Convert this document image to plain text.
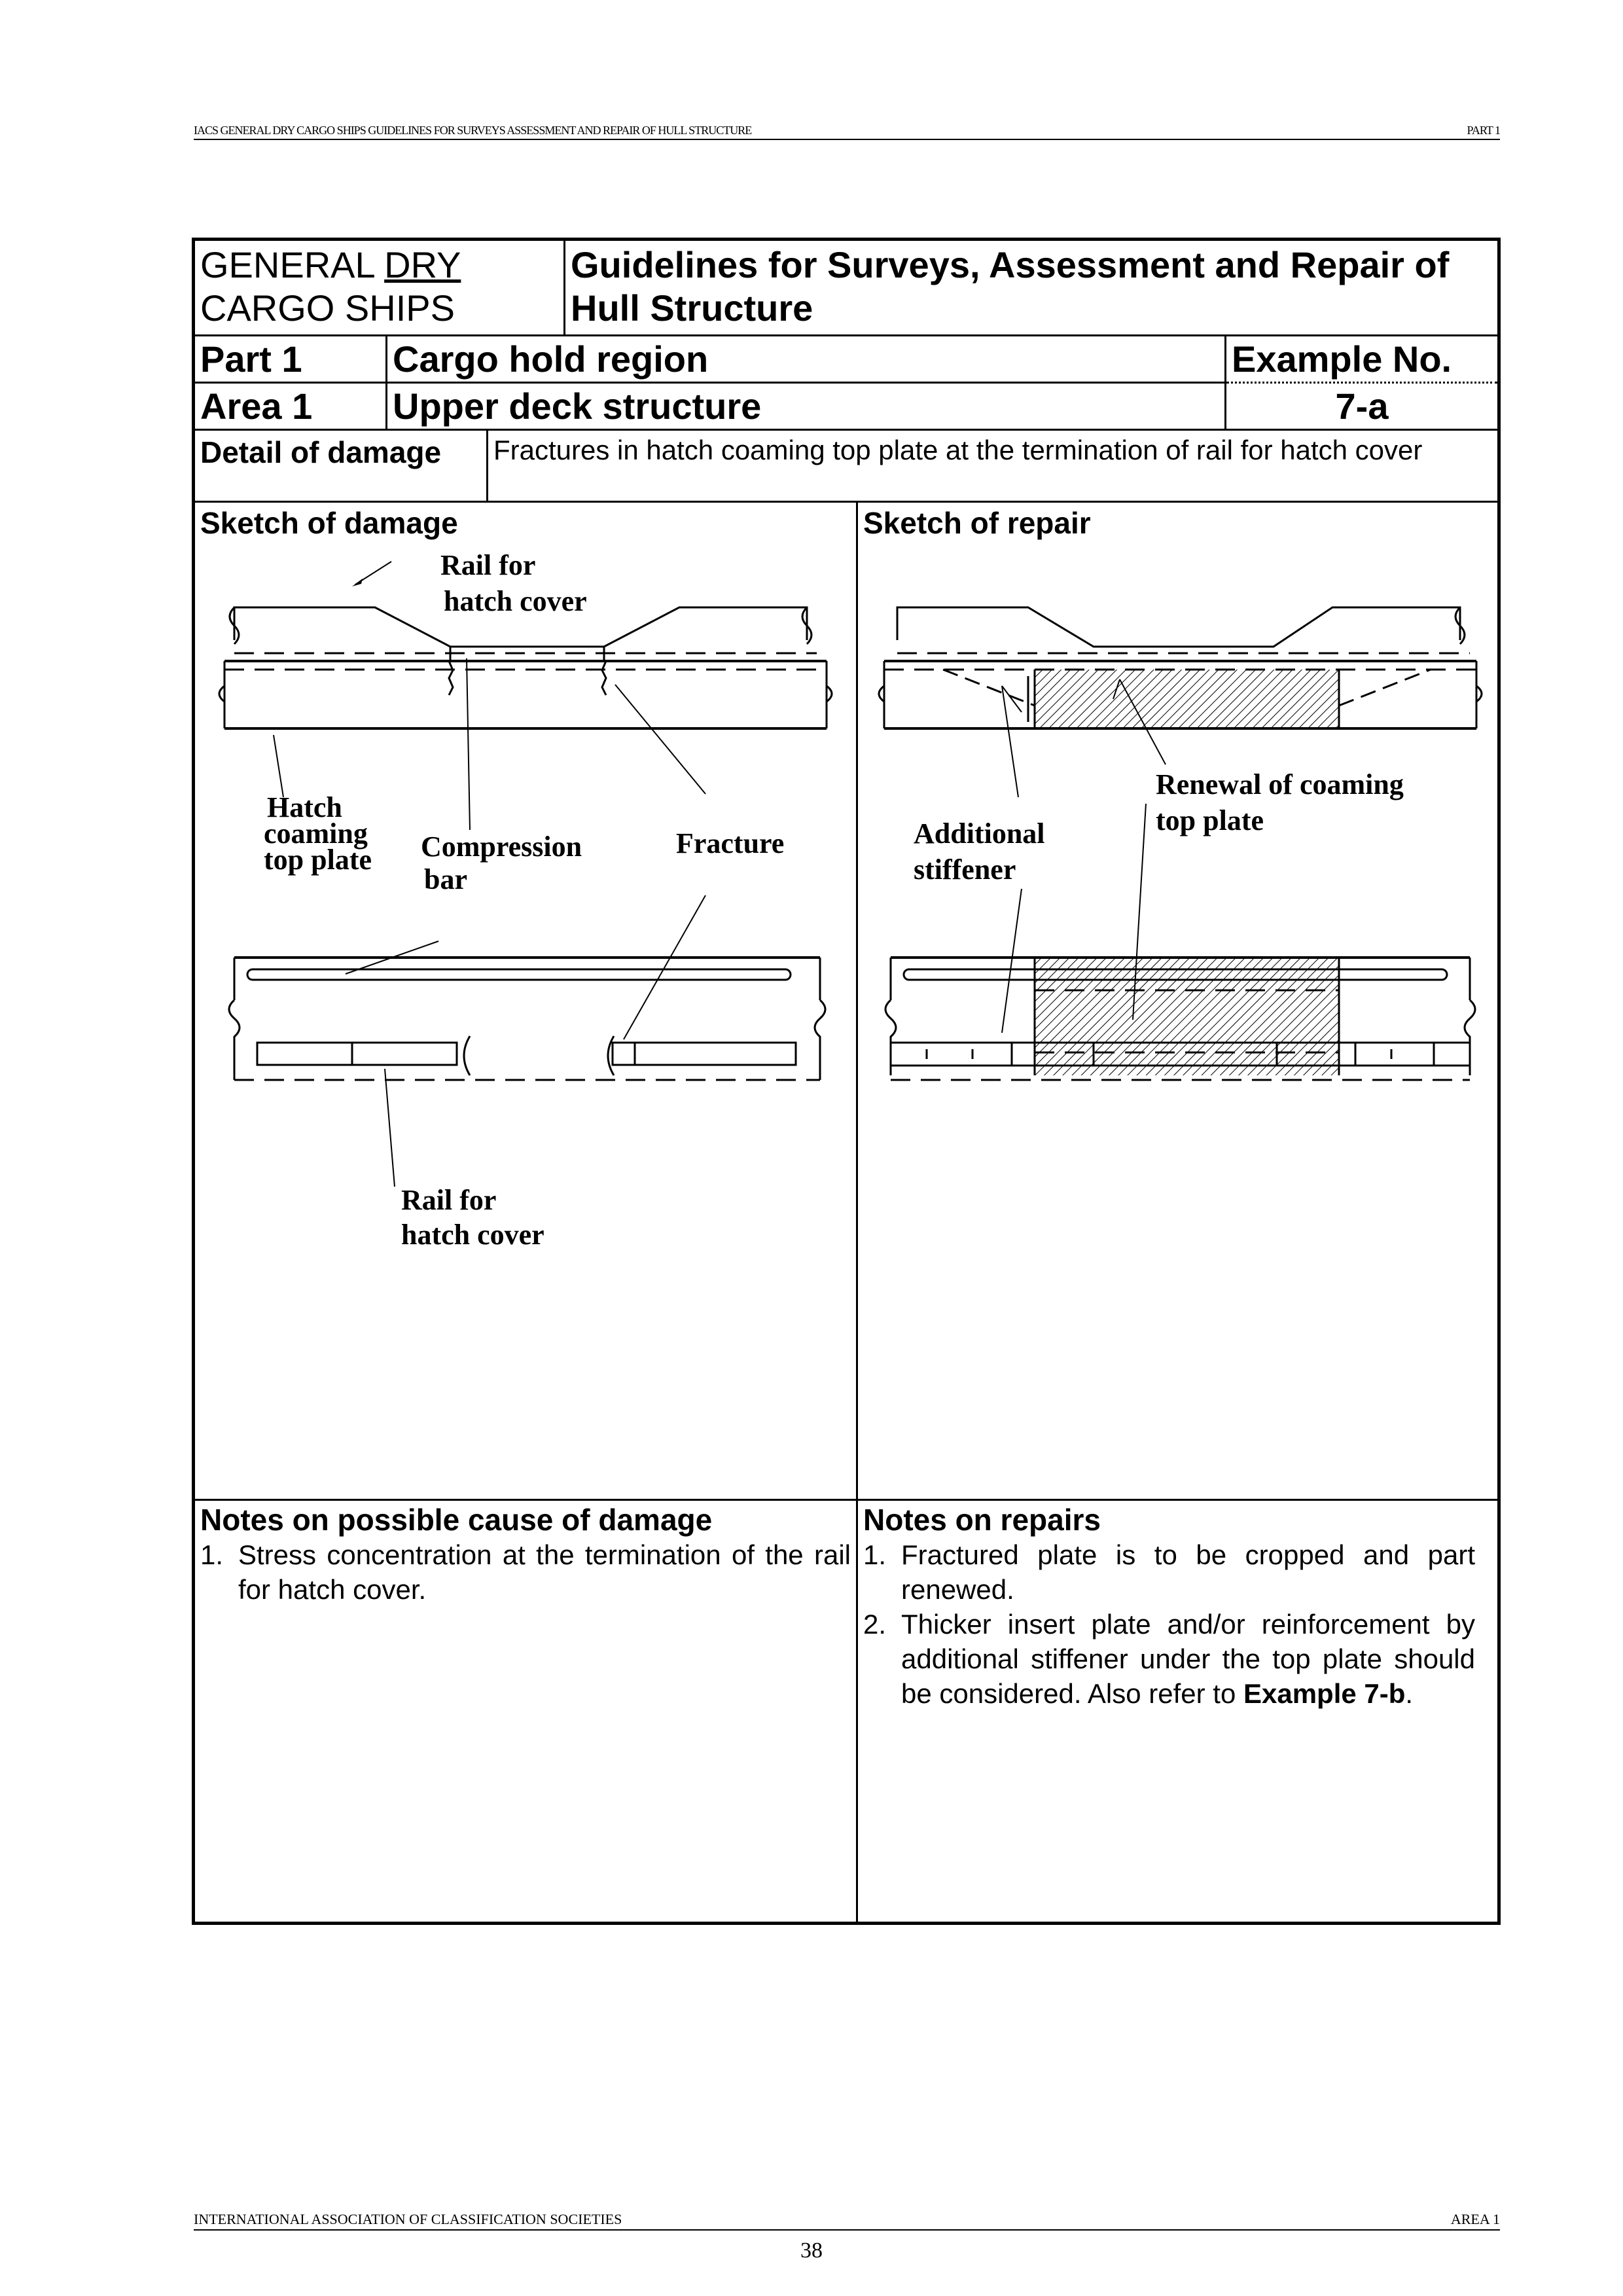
IACS GENERAL DRY CARGO SHIPS GUIDELINES FOR SURVEYS ASSESSMENT AND REPAIR OF HULL STRUCTURE	PART 1
GENERAL DRY
CARGO SHIPS
Guidelines for Surveys, Assessment and Repair of
Hull Structure
Part 1	Cargo hold region	Example No.
Area 1	Upper deck structure	7-a
Detail of damage	Fractures in hatch coaming top plate at the termination of rail for hatch cover
Sketch of damage
Rail for
hatch cover
Hatch
coaming
top plate Compression
bar
Fracture
Rail for
hatch cover
Sketch of repair
Renewal of coaming
top plate
Additional
stiffener
Notes on possible cause of damage
1. Stress concentration at the termination of the rail for hatch cover.
Notes on repairs
1. Fractured plate is to be cropped and part renewed.
2. Thicker insert plate and/or reinforcement by additional stiffener under the top plate should be considered. Also refer to Example 7-b.
INTERNATIONAL ASSOCIATION OF CLASSIFICATION SOCIETIES	AREA 1
38
